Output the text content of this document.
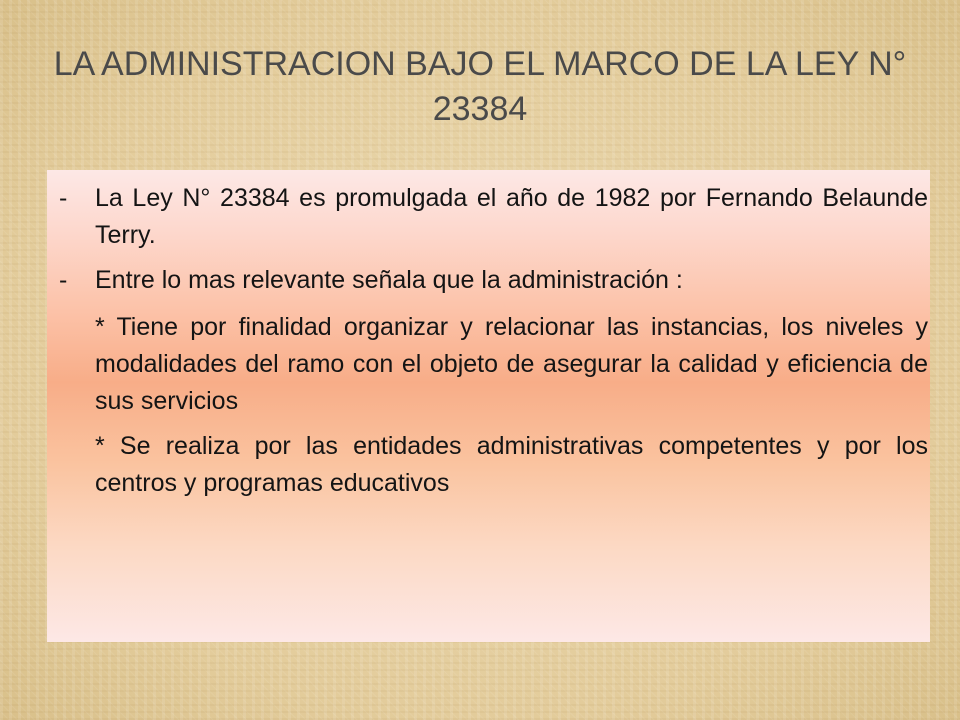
LA ADMINISTRACION BAJO EL MARCO DE LA LEY N° 23384

-	La Ley N° 23384 es promulgada el año de 1982 por Fernando Belaunde Terry.

-	Entre lo mas relevante señala que la administración :

* Tiene por finalidad organizar y relacionar las instancias, los niveles y modalidades del ramo con el objeto de asegurar la calidad y eficiencia de sus servicios

* Se realiza por las entidades administrativas competentes y por los centros y programas educativos
